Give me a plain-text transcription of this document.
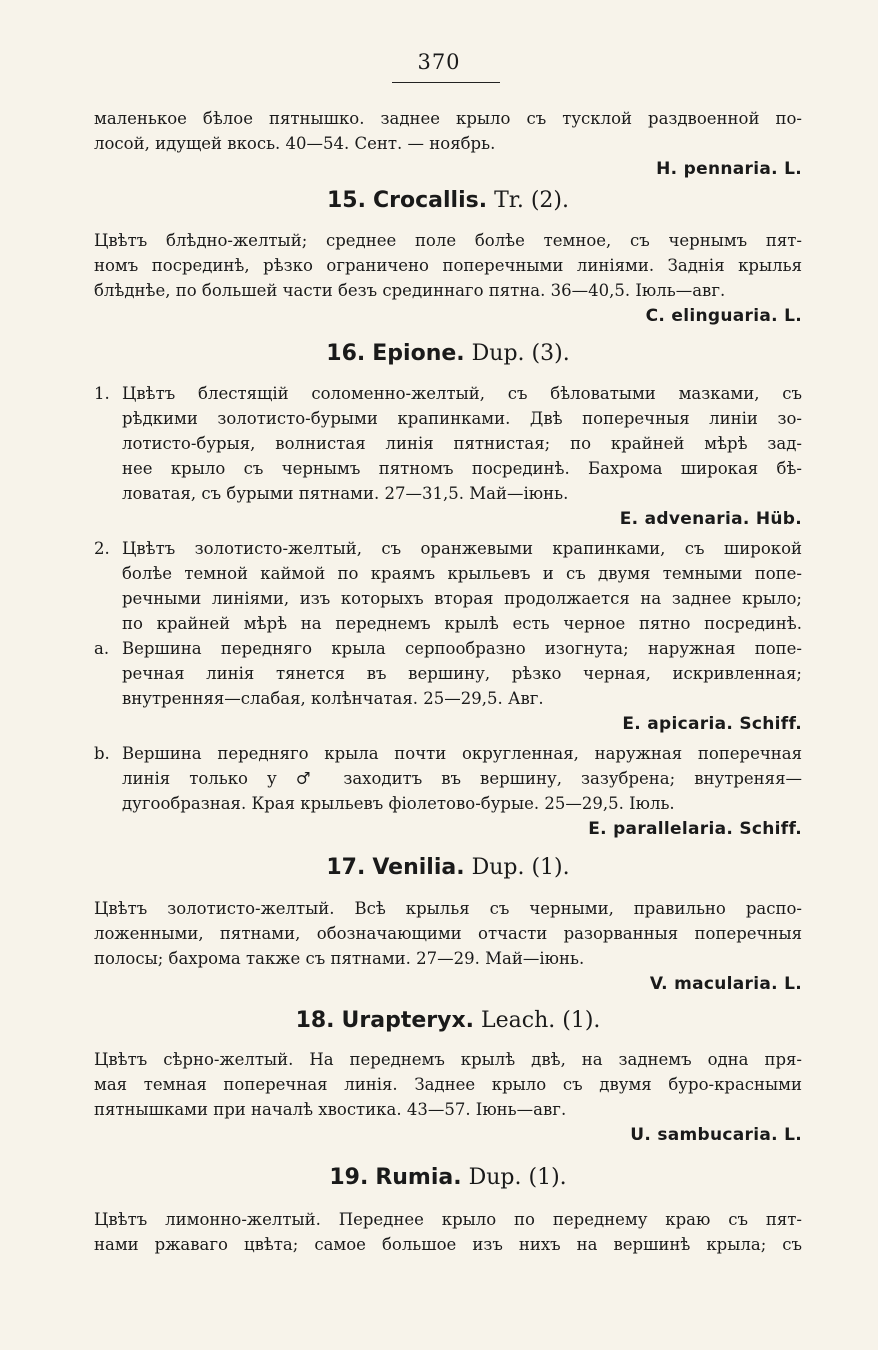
370

маленькое бѣлое пятнышко. заднее крыло съ тусклой раздвоенной по-
лосой, идущей вкось. 40—54. Сент. — ноябрь.

H. pennaria. L.

15. Crocallis. Tr. (2).

Цвѣтъ блѣдно-желтый; среднее поле болѣе темное, съ чернымъ пят-
номъ посрединѣ, рѣзко ограничено поперечными линіями. Заднія крылья
блѣднѣе, по большей части безъ срединнаго пятна. 36—40,5. Іюль—авг.

C. elinguaria. L.

16. Epione. Dup. (3).

1. Цвѣтъ блестящій соломенно-желтый, съ бѣловатыми мазками, съ
рѣдкими золотисто-бурыми крапинками. Двѣ поперечныя линіи зо-
лотисто-бурыя, волнистая линія пятнистая; по крайней мѣрѣ зад-
нее крыло съ чернымъ пятномъ посрединѣ. Бахрома широкая бѣ-
ловатая, съ бурыми пятнами. 27—31,5. Май—іюнь.

E. advenaria. Hüb.

2. Цвѣтъ золотисто-желтый, съ оранжевыми крапинками, съ широкой
болѣе темной каймой по краямъ крыльевъ и съ двумя темными попе-
речными линіями, изъ которыхъ вторая продолжается на заднее крыло;
по крайней мѣрѣ на переднемъ крылѣ есть черное пятно посрединѣ.

a. Вершина передняго крыла серпообразно изогнута; наружная попе-
речная линія тянется въ вершину, рѣзко черная, искривленная;
внутренняя—слабая, колѣнчатая. 25—29,5. Авг.

E. apicaria. Schiff.

b. Вершина передняго крыла почти округленная, наружная поперечная
линія только у ♂ заходитъ въ вершину, зазубрена; внутреняя—
дугообразная. Края крыльевъ фіолетово-бурые. 25—29,5. Іюль.

E. parallelaria. Schiff.

17. Venilia. Dup. (1).

Цвѣтъ золотисто-желтый. Всѣ крылья съ черными, правильно распо-
ложенными, пятнами, обозначающими отчасти разорванныя поперечныя
полосы; бахрома также съ пятнами. 27—29. Май—іюнь.

V. macularia. L.

18. Urapteryx. Leach. (1).

Цвѣтъ сѣрно-желтый. На переднемъ крылѣ двѣ, на заднемъ одна пря-
мая темная поперечная линія. Заднее крыло съ двумя буро-красными
пятнышками при началѣ хвостика. 43—57. Іюнь—авг.

U. sambucaria. L.

19. Rumia. Dup. (1).

Цвѣтъ лимонно-желтый. Переднее крыло по переднему краю съ пят-
нами ржаваго цвѣта; самое большое изъ нихъ на вершинѣ крыла; съ
